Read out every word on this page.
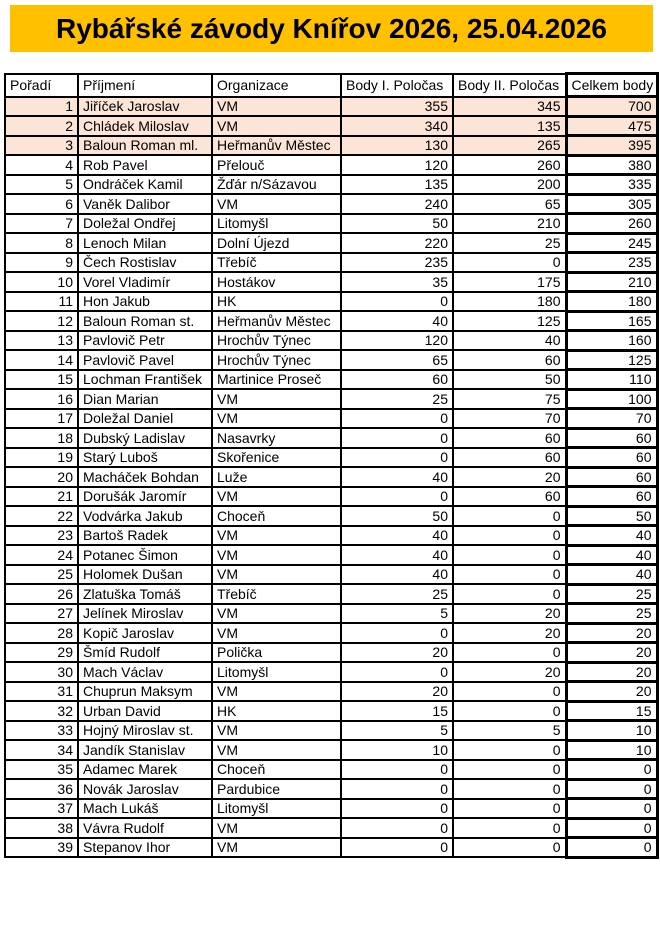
Rybářské závody Knířov 2026, 25.04.2026
Pořadí	Příjmení	Organizace	Body I. Poločas	Body II. Poločas	Celkem body
1	Jiříček Jaroslav	VM	355	345	700
2	Chládek Miloslav	VM	340	135	475
3	Baloun Roman ml.	Heřmanův Městec	130	265	395
4	Rob Pavel	Přelouč	120	260	380
5	Ondráček Kamil	Žďár n/Sázavou	135	200	335
6	Vaněk Dalibor	VM	240	65	305
7	Doležal Ondřej	Litomyšl	50	210	260
8	Lenoch Milan	Dolní Újezd	220	25	245
9	Čech Rostislav	Třebíč	235	0	235
10	Vorel Vladimír	Hostákov	35	175	210
11	Hon Jakub	HK	0	180	180
12	Baloun Roman st.	Heřmanův Městec	40	125	165
13	Pavlovič Petr	Hrochův Týnec	120	40	160
14	Pavlovič Pavel	Hrochův Týnec	65	60	125
15	Lochman František	Martinice Proseč	60	50	110
16	Dian Marian	VM	25	75	100
17	Doležal Daniel	VM	0	70	70
18	Dubský Ladislav	Nasavrky	0	60	60
19	Starý Luboš	Skořenice	0	60	60
20	Macháček Bohdan	Luže	40	20	60
21	Dorušák Jaromír	VM	0	60	60
22	Vodvárka Jakub	Choceň	50	0	50
23	Bartoš Radek	VM	40	0	40
24	Potanec Šimon	VM	40	0	40
25	Holomek Dušan	VM	40	0	40
26	Zlatuška Tomáš	Třebíč	25	0	25
27	Jelínek Miroslav	VM	5	20	25
28	Kopič Jaroslav	VM	0	20	20
29	Šmíd Rudolf	Polička	20	0	20
30	Mach Václav	Litomyšl	0	20	20
31	Chuprun Maksym	VM	20	0	20
32	Urban David	HK	15	0	15
33	Hojný Miroslav st.	VM	5	5	10
34	Jandík Stanislav	VM	10	0	10
35	Adamec Marek	Choceň	0	0	0
36	Novák Jaroslav	Pardubice	0	0	0
37	Mach Lukáš	Litomyšl	0	0	0
38	Vávra Rudolf	VM	0	0	0
39	Stepanov Ihor	VM	0	0	0
